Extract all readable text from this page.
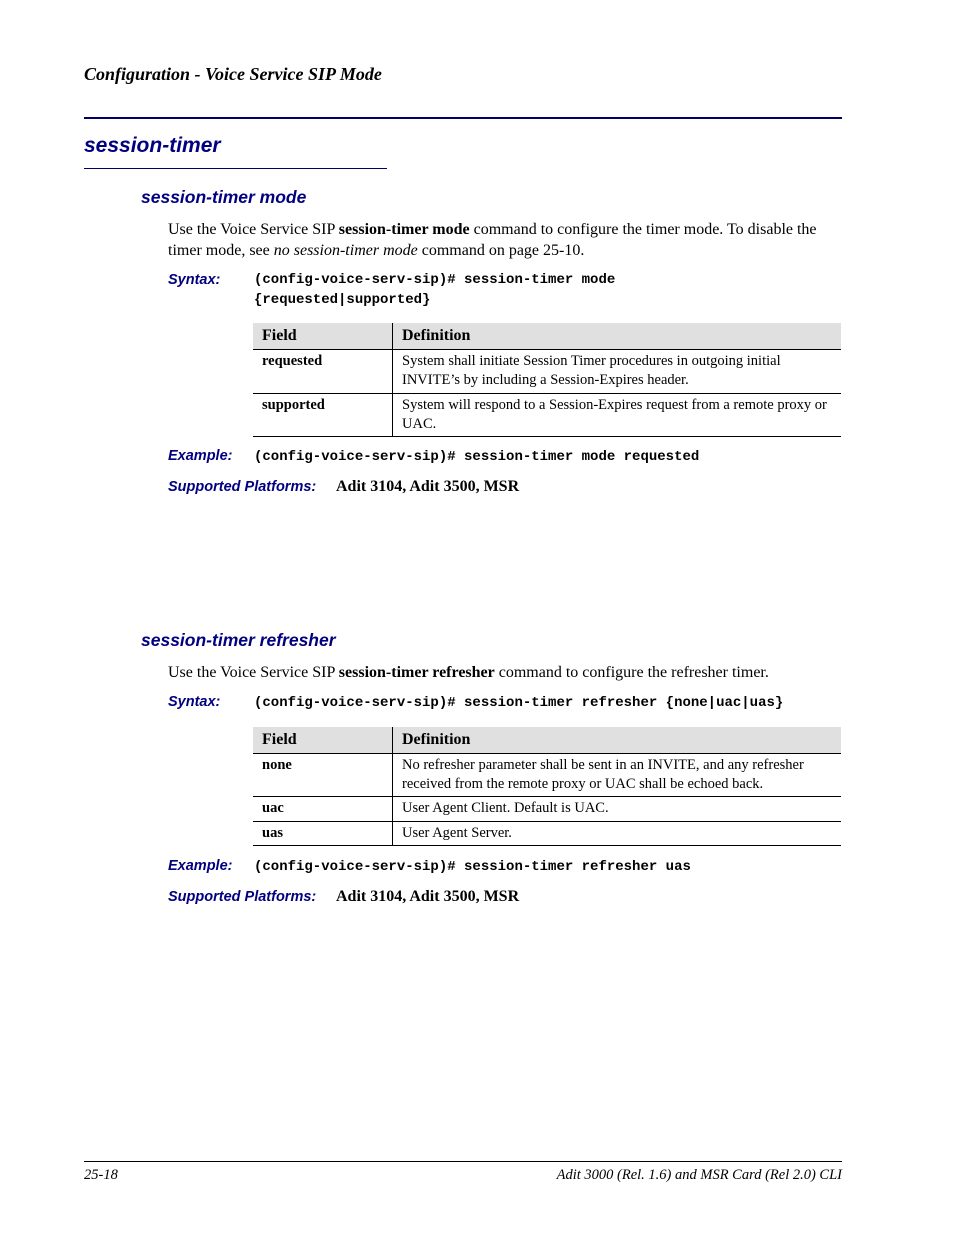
Configuration - Voice Service SIP Mode
session-timer
session-timer mode
Use the Voice Service SIP session-timer mode command to configure the timer mode. To disable the timer mode, see no session-timer mode command on page 25-10.
Syntax: (config-voice-serv-sip)# session-timer mode
{requested|supported}
Field	Definition
requested	System shall initiate Session Timer procedures in outgoing initial INVITE’s by including a Session-Expires header.
supported	System will respond to a Session-Expires request from a remote proxy or UAC.
Example: (config-voice-serv-sip)# session-timer mode requested
Supported Platforms: Adit 3104, Adit 3500, MSR
session-timer refresher
Use the Voice Service SIP session-timer refresher command to configure the refresher timer.
Syntax: (config-voice-serv-sip)# session-timer refresher {none|uac|uas}
Field	Definition
none	No refresher parameter shall be sent in an INVITE, and any refresher received from the remote proxy or UAC shall be echoed back.
uac	User Agent Client. Default is UAC.
uas	User Agent Server.
Example: (config-voice-serv-sip)# session-timer refresher uas
Supported Platforms: Adit 3104, Adit 3500, MSR
25-18	Adit 3000 (Rel. 1.6) and MSR Card (Rel 2.0) CLI
